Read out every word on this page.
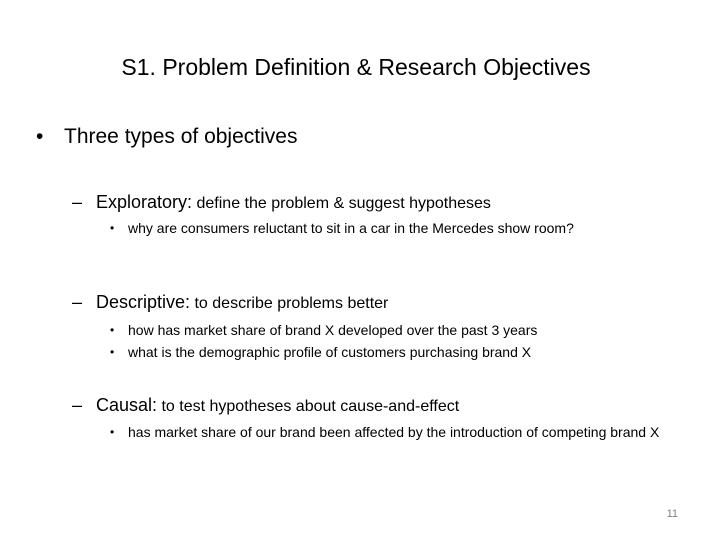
S1. Problem Definition & Research Objectives

• Three types of objectives

– Exploratory: define the problem & suggest hypotheses

• why are consumers reluctant to sit in a car in the Mercedes show room?

– Descriptive: to describe problems better

• how has market share of brand X developed over the past 3 years

• what is the demographic profile of customers purchasing brand X

– Causal: to test hypotheses about cause-and-effect

• has market share of our brand been affected by the introduction of competing brand X

11
